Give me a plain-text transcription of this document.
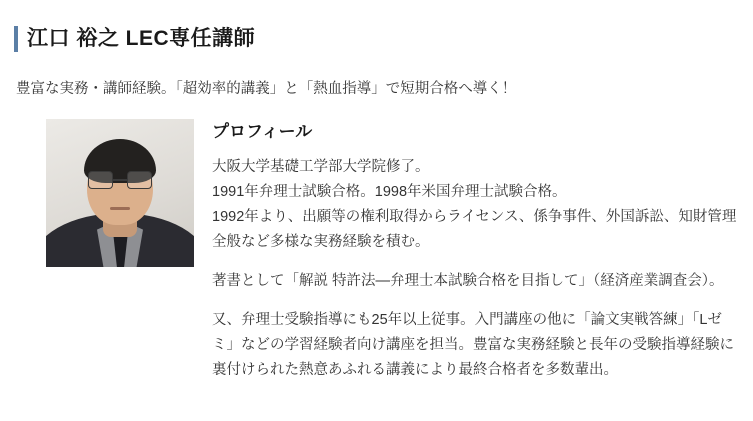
江口 裕之 LEC専任講師

豊富な実務・講師経験。「超効率的講義」と「熱血指導」で短期合格へ導く！

プロフィール

大阪大学基礎工学部大学院修了。
1991年弁理士試験合格。1998年米国弁理士試験合格。
1992年より、出願等の権利取得からライセンス、係争事件、外国訴訟、知財管理全般など多様な実務経験を積む。

著書として「解説 特許法―弁理士本試験合格を目指して」（経済産業調査会）。

又、弁理士受験指導にも25年以上従事。入門講座の他に「論文実戦答練」「Lゼミ」などの学習経験者向け講座を担当。豊富な実務経験と長年の受験指導経験に裏付けられた熱意あふれる講義により最終合格者を多数輩出。
